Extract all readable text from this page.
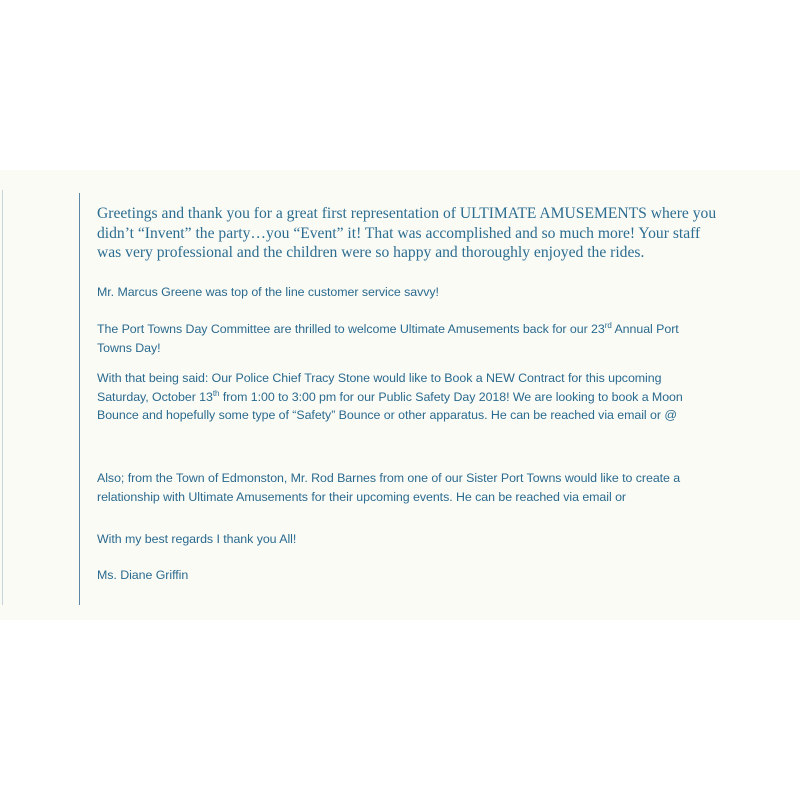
Greetings and thank you for a great first representation of ULTIMATE AMUSEMENTS where you
didn’t “Invent” the party…you “Event” it! That was accomplished and so much more! Your staff
was very professional and the children were so happy and thoroughly enjoyed the rides.

Mr. Marcus Greene was top of the line customer service savvy!

The Port Towns Day Committee are thrilled to welcome Ultimate Amusements back for our 23rd Annual Port
Towns Day!

With that being said: Our Police Chief Tracy Stone would like to Book a NEW Contract for this upcoming
Saturday, October 13th from 1:00 to 3:00 pm for our Public Safety Day 2018! We are looking to book a Moon
Bounce and hopefully some type of “Safety” Bounce or other apparatus. He can be reached via email or @

Also; from the Town of Edmonston, Mr. Rod Barnes from one of our Sister Port Towns would like to create a
relationship with Ultimate Amusements for their upcoming events. He can be reached via email or

With my best regards I thank you All!

Ms. Diane Griffin
